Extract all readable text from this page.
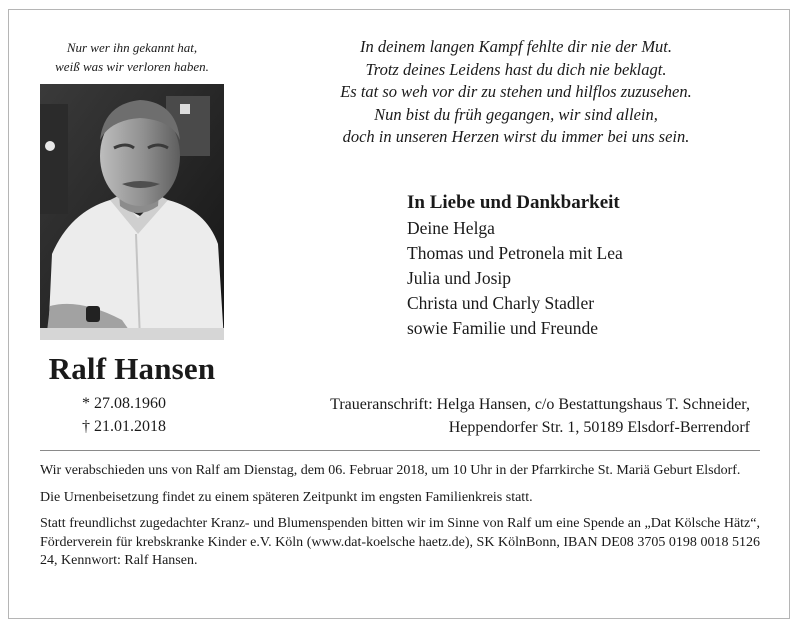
Nur wer ihn gekannt hat,
weiß was wir verloren haben.
Ralf Hansen
* 27.08.1960
† 21.01.2018
In deinem langen Kampf fehlte dir nie der Mut.
Trotz deines Leidens hast du dich nie beklagt.
Es tat so weh vor dir zu stehen und hilflos zuzusehen.
Nun bist du früh gegangen, wir sind allein,
doch in unseren Herzen wirst du immer bei uns sein.
In Liebe und Dankbarkeit
Deine Helga
Thomas und Petronela mit Lea
Julia und Josip
Christa und Charly Stadler
sowie Familie und Freunde
Traueranschrift: Helga Hansen, c/o Bestattungshaus T. Schneider,
Heppendorfer Str. 1, 50189 Elsdorf-Berrendorf

Wir verabschieden uns von Ralf am Dienstag, dem 06. Februar 2018, um 10 Uhr in der Pfarrkirche St. Mariä Geburt Elsdorf.

Die Urnenbeisetzung findet zu einem späteren Zeitpunkt im engsten Familienkreis statt.

Statt freundlichst zugedachter Kranz- und Blumenspenden bitten wir im Sinne von Ralf um eine Spende an „Dat Kölsche Hätz“, Förderverein für krebskranke Kinder e.V. Köln (www.dat-koelsche haetz.de), SK KölnBonn, IBAN DE08 3705 0198 0018 5126 24, Kennwort: Ralf Hansen.
